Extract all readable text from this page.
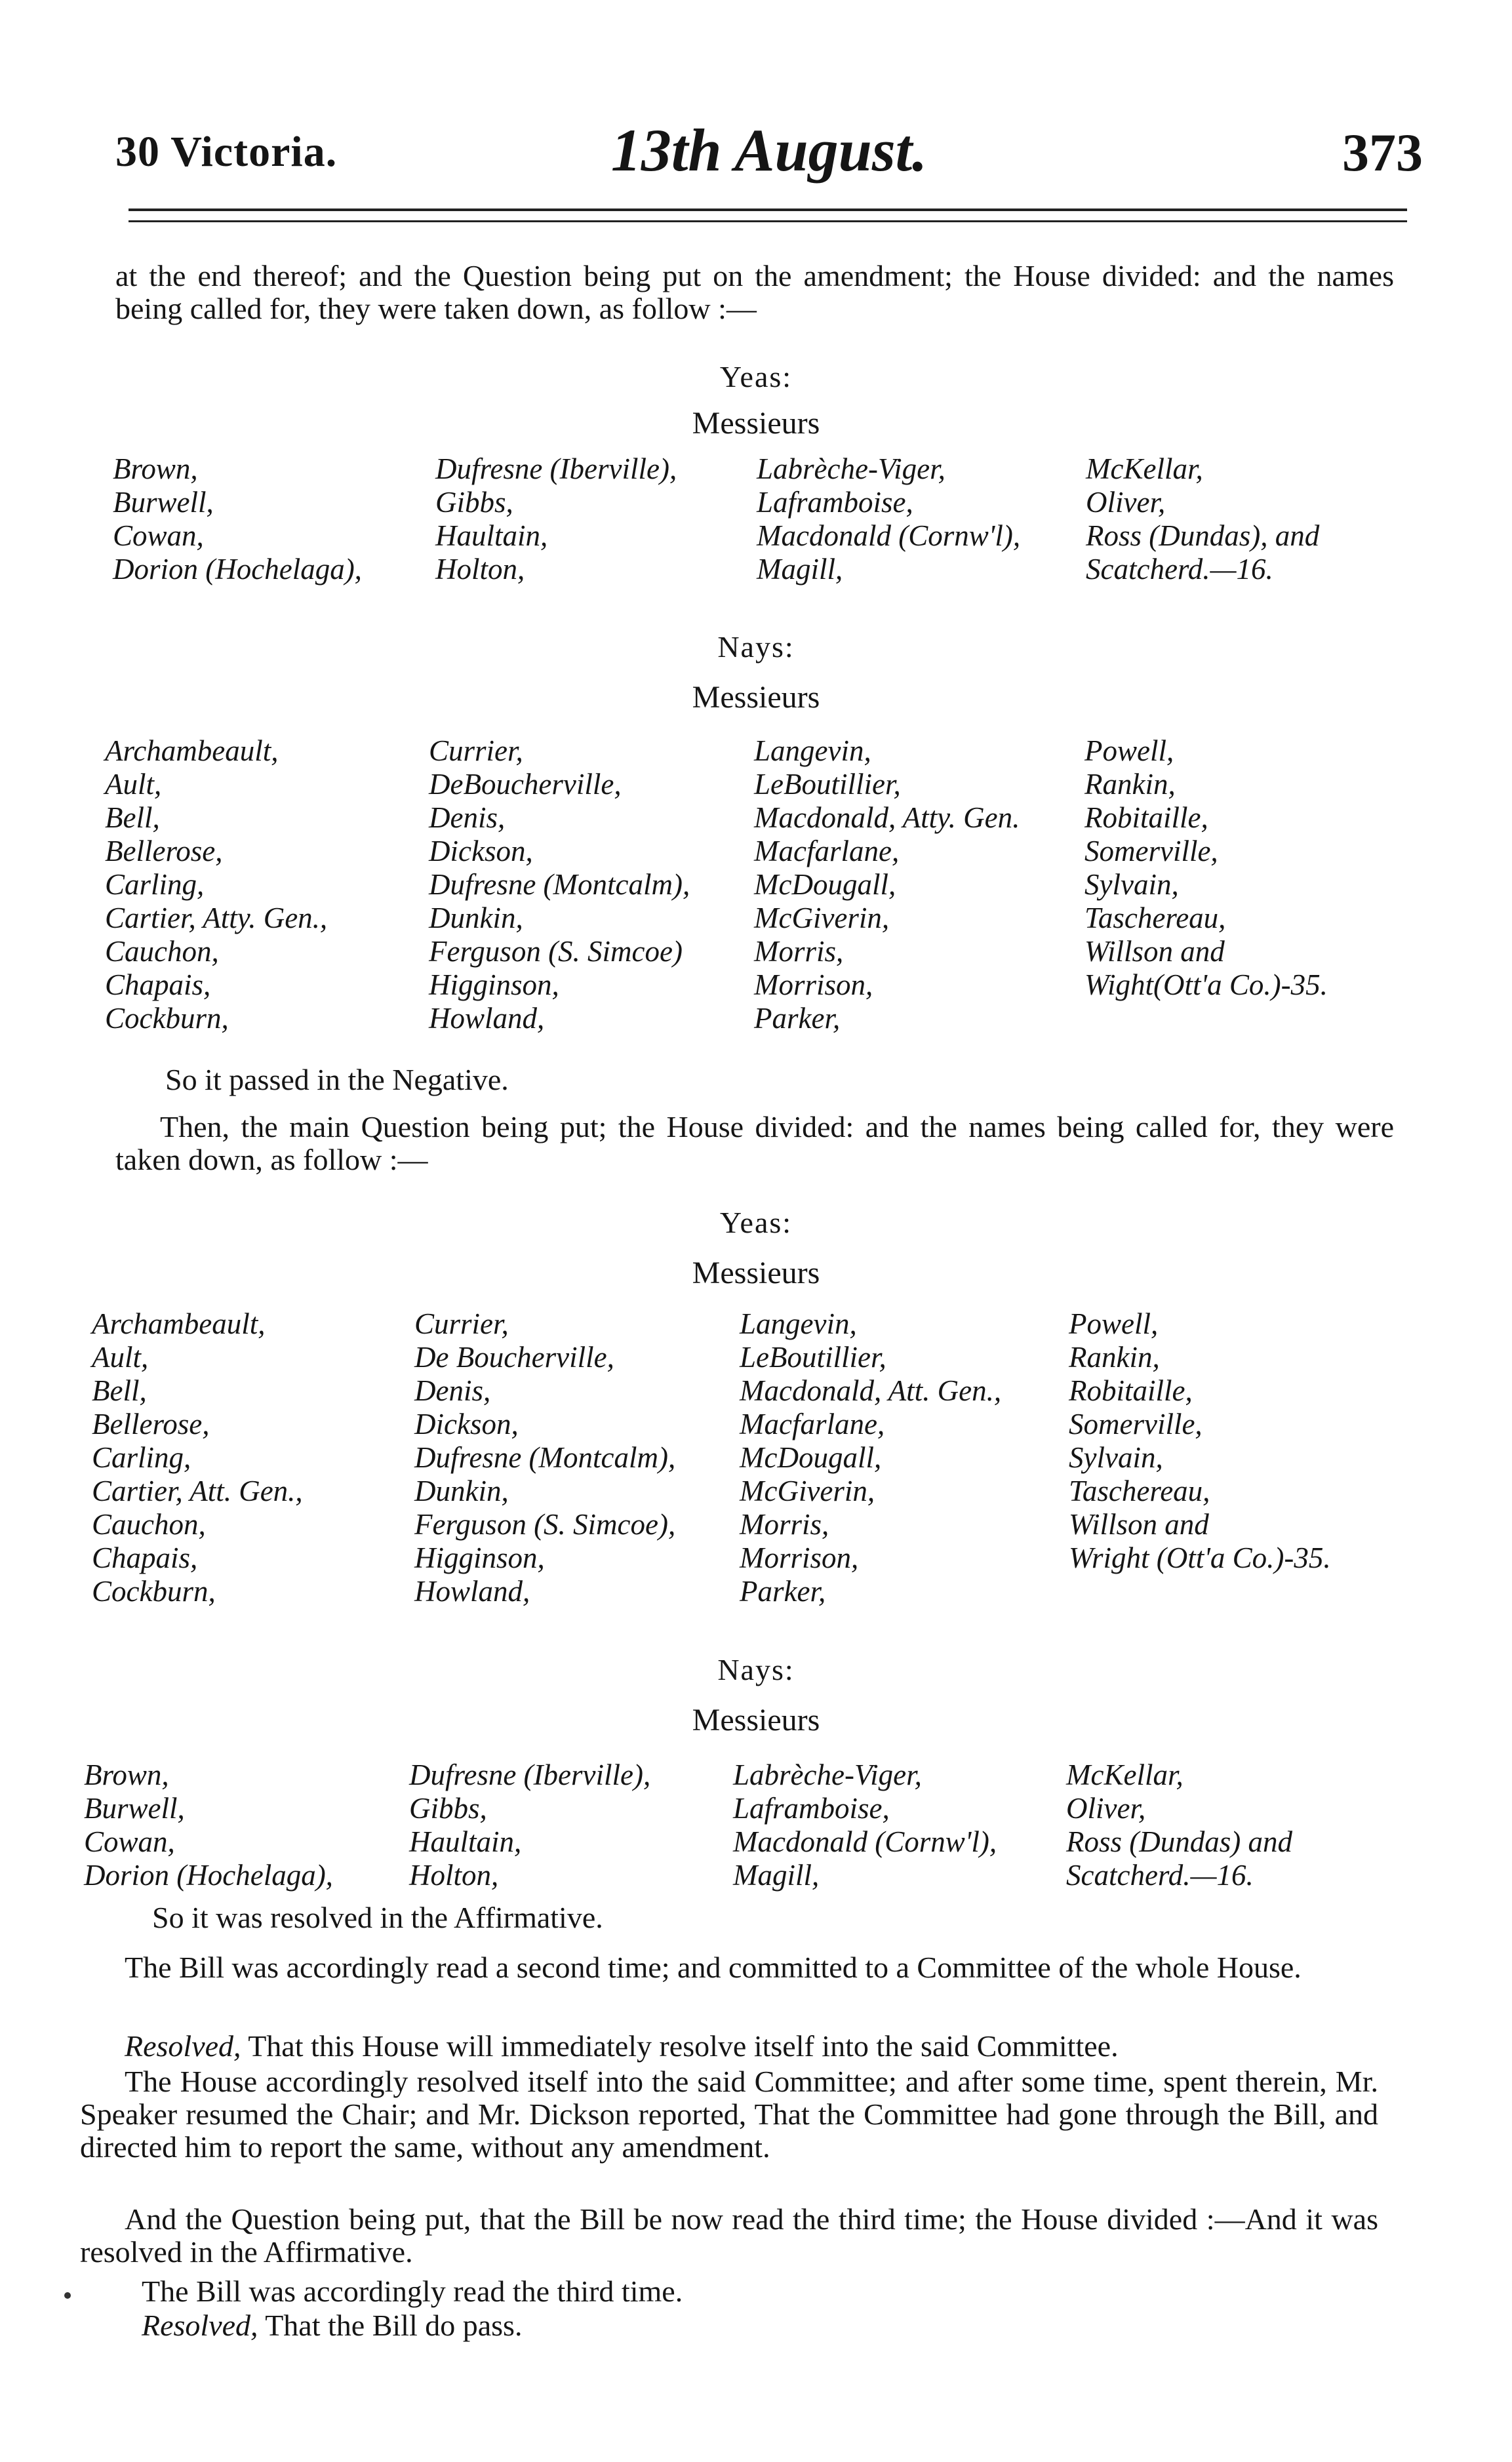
30 Victoria.	13th August.	373
at the end thereof; and the Question being put on the amendment; the House divided: and the names being called for, they were taken down, as follow :—
Yeas:
Messieurs
Brown,
Burwell,
Cowan,
Dorion (Hochelaga),
Dufresne (Iberville),
Gibbs,
Haultain,
Holton,
Labrèche-Viger,
Laframboise,
Macdonald (Cornw'l),
Magill,
McKellar,
Oliver,
Ross (Dundas), and
Scatcherd.—16.
Nays:
Messieurs
Archambeault,
Ault,
Bell,
Bellerose,
Carling,
Cartier, Atty. Gen.,
Cauchon,
Chapais,
Cockburn,
Currier,
DeBoucherville,
Denis,
Dickson,
Dufresne (Montcalm),
Dunkin,
Ferguson (S. Simcoe)
Higginson,
Howland,
Langevin,
LeBoutillier,
Macdonald, Atty. Gen.
Macfarlane,
McDougall,
McGiverin,
Morris,
Morrison,
Parker,
Powell,
Rankin,
Robitaille,
Somerville,
Sylvain,
Taschereau,
Willson and
Wight(Ott'a Co.)-35.
So it passed in the Negative.
Then, the main Question being put; the House divided: and the names being called for, they were taken down, as follow :—
Yeas:
Messieurs
Archambeault,
Ault,
Bell,
Bellerose,
Carling,
Cartier, Att. Gen.,
Cauchon,
Chapais,
Cockburn,
Currier,
De Boucherville,
Denis,
Dickson,
Dufresne (Montcalm),
Dunkin,
Ferguson (S. Simcoe),
Higginson,
Howland,
Langevin,
LeBoutillier,
Macdonald, Att. Gen.,
Macfarlane,
McDougall,
McGiverin,
Morris,
Morrison,
Parker,
Powell,
Rankin,
Robitaille,
Somerville,
Sylvain,
Taschereau,
Willson and
Wright (Ott'a Co.)-35.
Nays:
Messieurs
Brown,
Burwell,
Cowan,
Dorion (Hochelaga),
Dufresne (Iberville),
Gibbs,
Haultain,
Holton,
Labrèche-Viger,
Laframboise,
Macdonald (Cornw'l),
Magill,
McKellar,
Oliver,
Ross (Dundas) and
Scatcherd.—16.
So it was resolved in the Affirmative.
The Bill was accordingly read a second time; and committed to a Committee of the whole House.
Resolved, That this House will immediately resolve itself into the said Committee.
The House accordingly resolved itself into the said Committee; and after some time, spent therein, Mr. Speaker resumed the Chair; and Mr. Dickson reported, That the Committee had gone through the Bill, and directed him to report the same, without any amendment.
And the Question being put, that the Bill be now read the third time; the House divided :—And it was resolved in the Affirmative.
The Bill was accordingly read the third time.
Resolved, That the Bill do pass.
